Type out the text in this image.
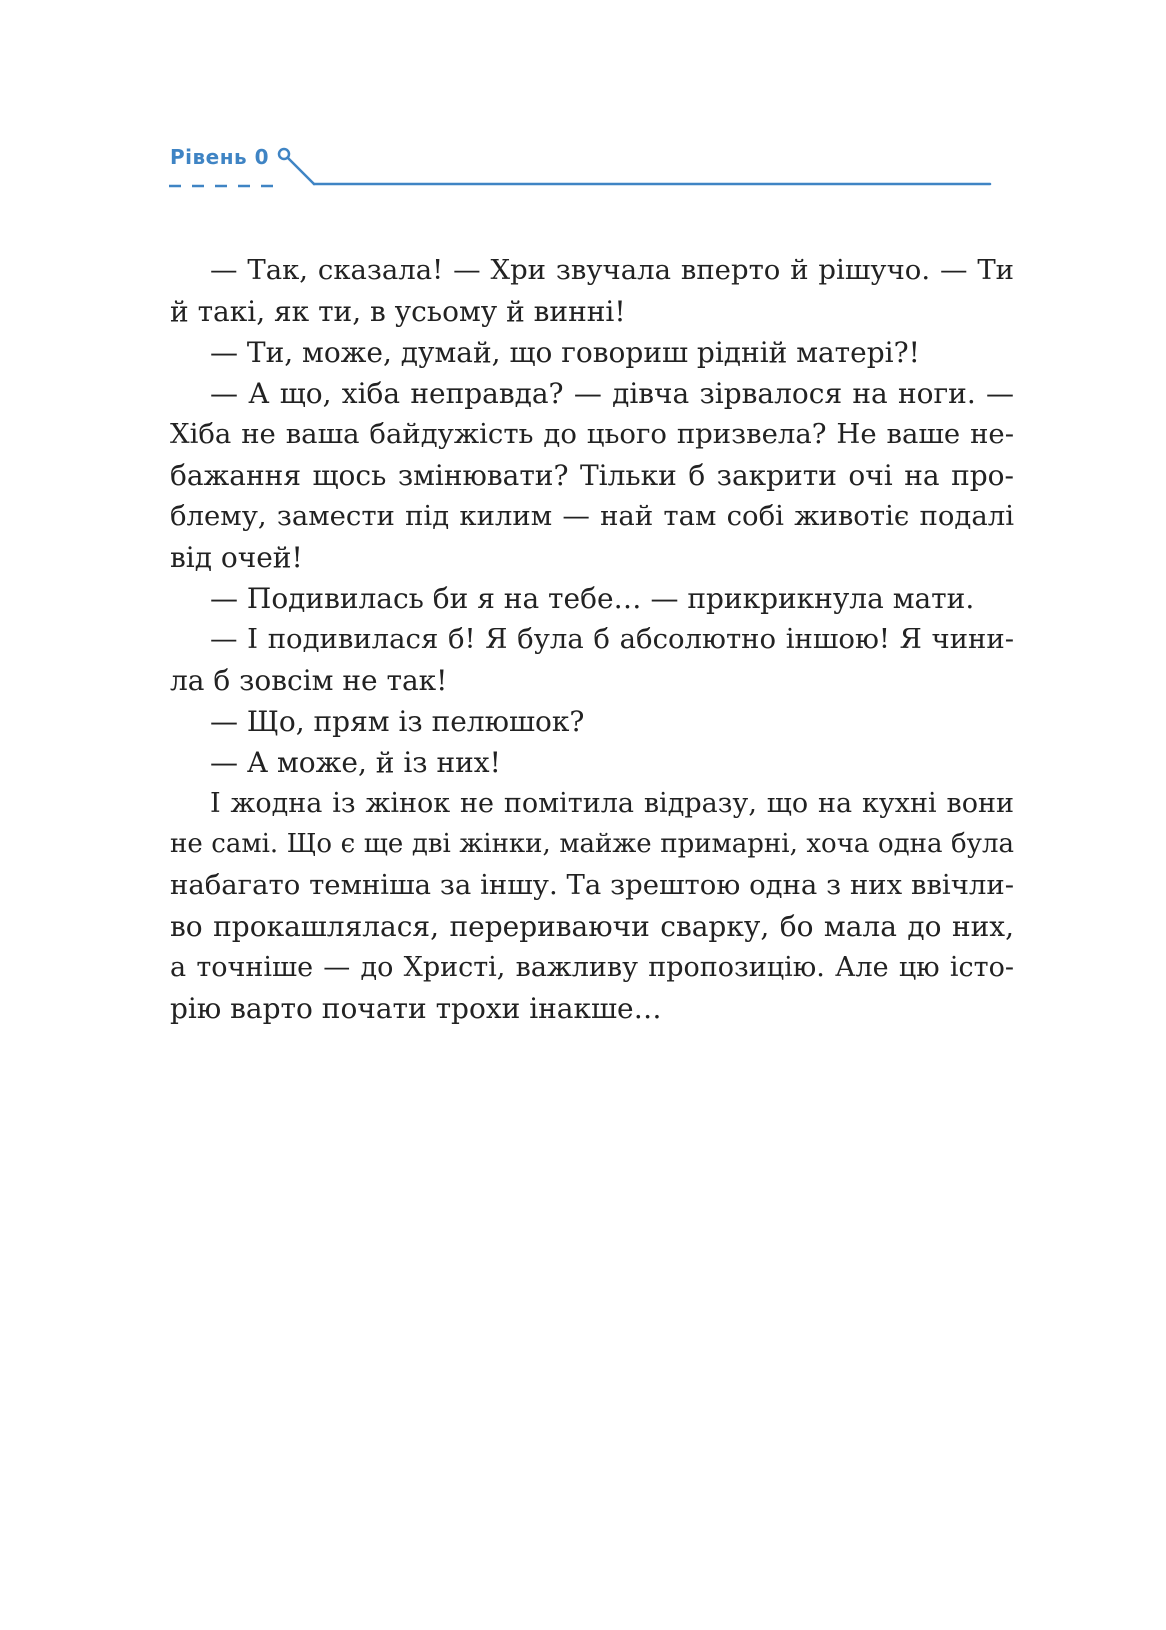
Рівень 0
— Так, сказала! — Хри звучала вперто й рішучо. — Ти
й такі, як ти, в усьому й винні!
— Ти, може, думай, що говориш рідній матері?!
— А що, хіба неправда? — дівча зірвалося на ноги. —
Хіба не ваша байдужість до цього призвела? Не ваше не-
бажання щось змінювати? Тільки б закрити очі на про-
блему, замести під килим — най там собі животіє подалі
від очей!
— Подивилась би я на тебе… — прикрикнула мати.
— І подивилася б! Я була б абсолютно іншою! Я чини-
ла б зовсім не так!
— Що, прям із пелюшок?
— А може, й із них!
І жодна із жінок не помітила відразу, що на кухні вони
не самі. Що є ще дві жінки, майже примарні, хоча одна була
набагато темніша за іншу. Та зрештою одна з них ввічли-
во прокашлялася, перериваючи сварку, бо мала до них,
а точніше — до Христі, важливу пропозицію. Але цю істо-
рію варто почати трохи інакше…
